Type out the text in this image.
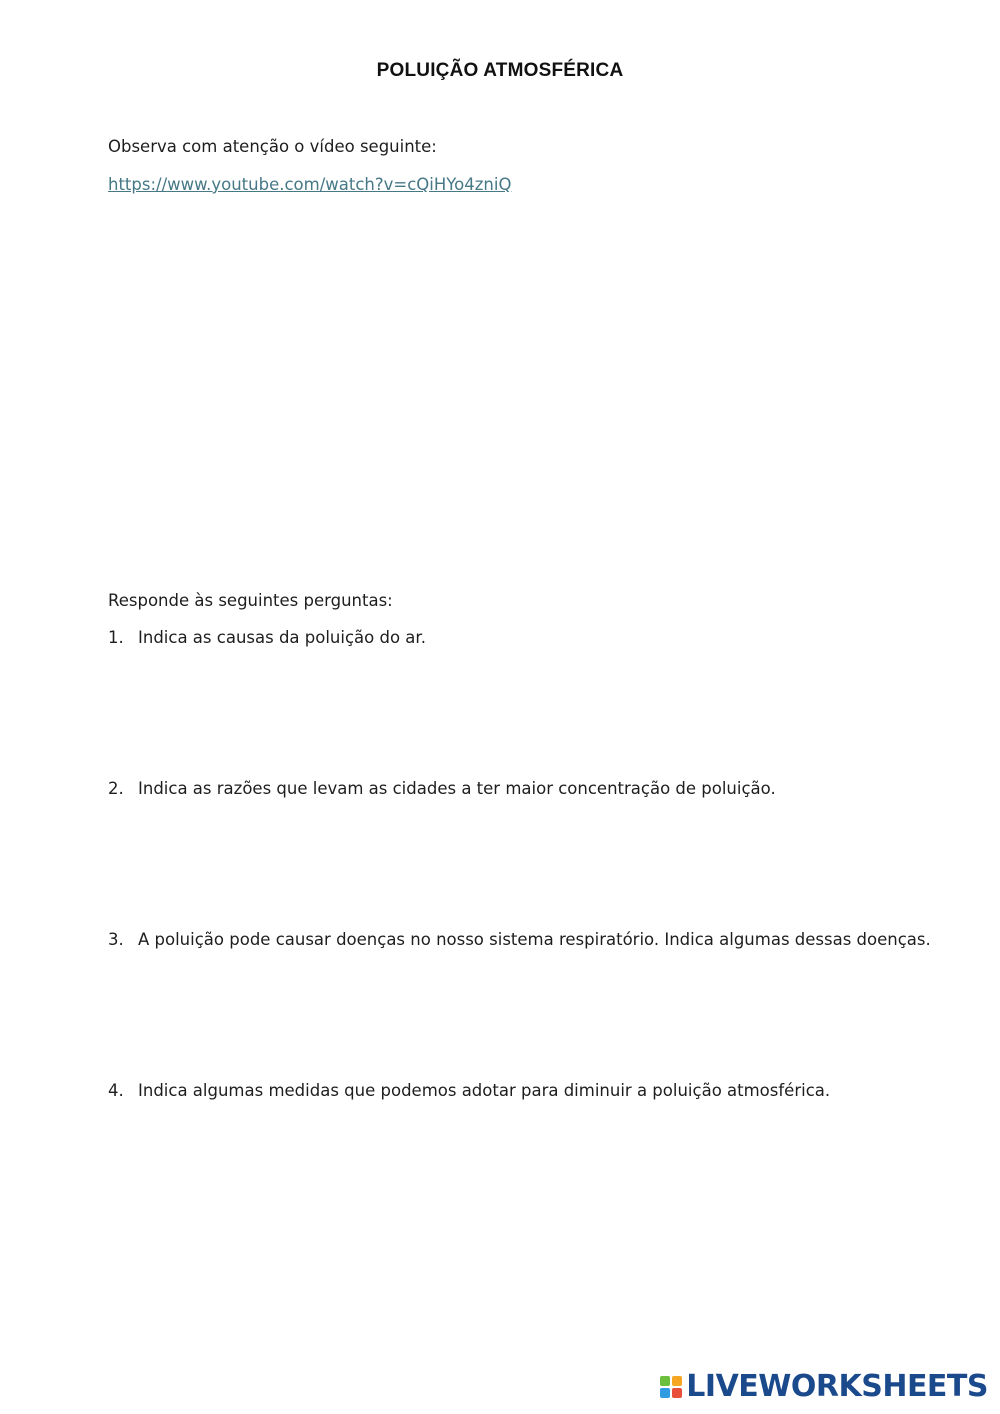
POLUIÇÃO ATMOSFÉRICA
Observa com atenção o vídeo seguinte:
https://www.youtube.com/watch?v=cQiHYo4zniQ
Responde às seguintes perguntas:
1. Indica as causas da poluição do ar.
2. Indica as razões que levam as cidades a ter maior concentração de poluição.
3. A poluição pode causar doenças no nosso sistema respiratório. Indica algumas dessas doenças.
4. Indica algumas medidas que podemos adotar para diminuir a poluição atmosférica.
LIVEWORKSHEETS
